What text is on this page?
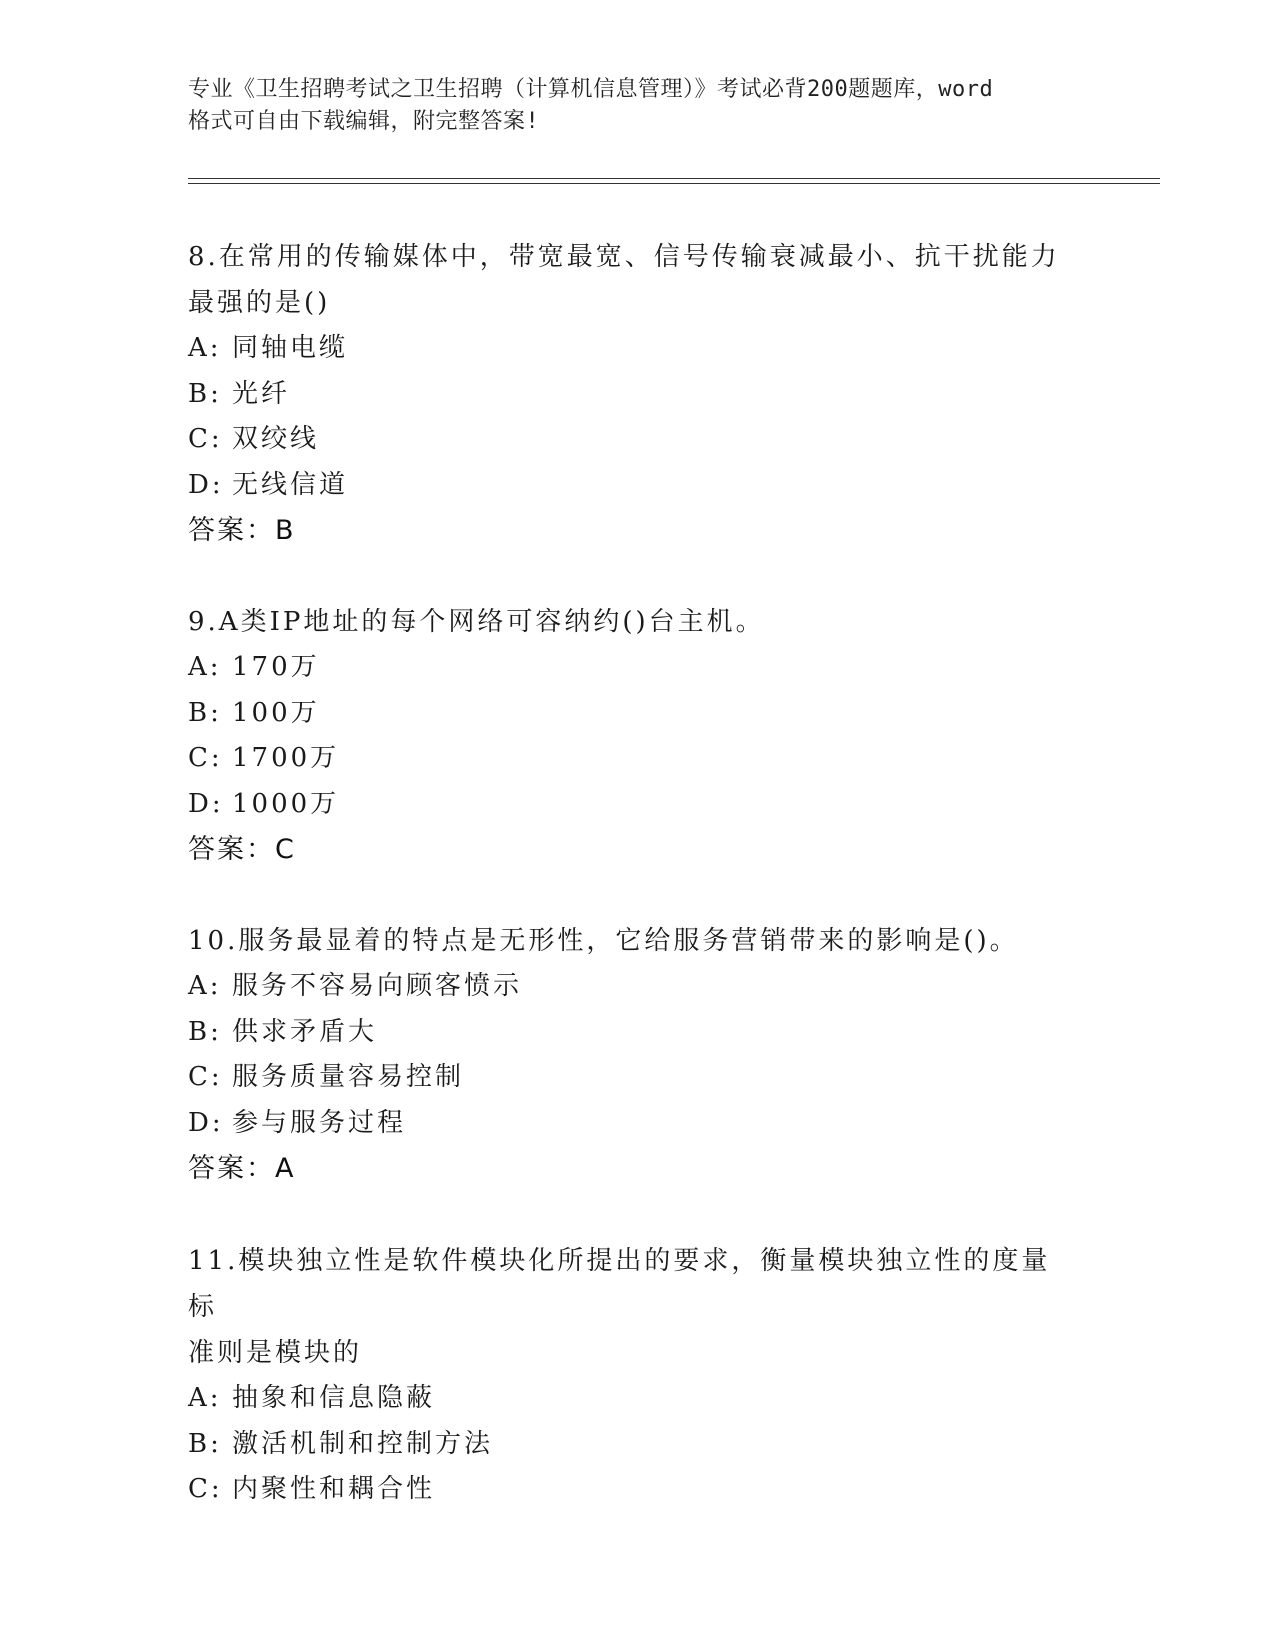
专业《卫生招聘考试之卫生招聘（计算机信息管理）》考试必背200题题库，word
格式可自由下载编辑，附完整答案!

8.在常用的传输媒体中，带宽最宽、信号传输衰减最小、抗干扰能力
最强的是()

A: 同轴电缆

B: 光纤

C: 双绞线

D: 无线信道

答案：B

9.A类IP地址的每个网络可容纳约()台主机。

A: 170万

B: 100万

C: 1700万

D: 1000万

答案：C

10.服务最显着的特点是无形性，它给服务营销带来的影响是()。

A: 服务不容易向顾客愤示

B: 供求矛盾大

C: 服务质量容易控制

D: 参与服务过程

答案：A

11.模块独立性是软件模块化所提出的要求，衡量模块独立性的度量标
准则是模块的

A: 抽象和信息隐蔽

B: 激活机制和控制方法

C: 内聚性和耦合性
